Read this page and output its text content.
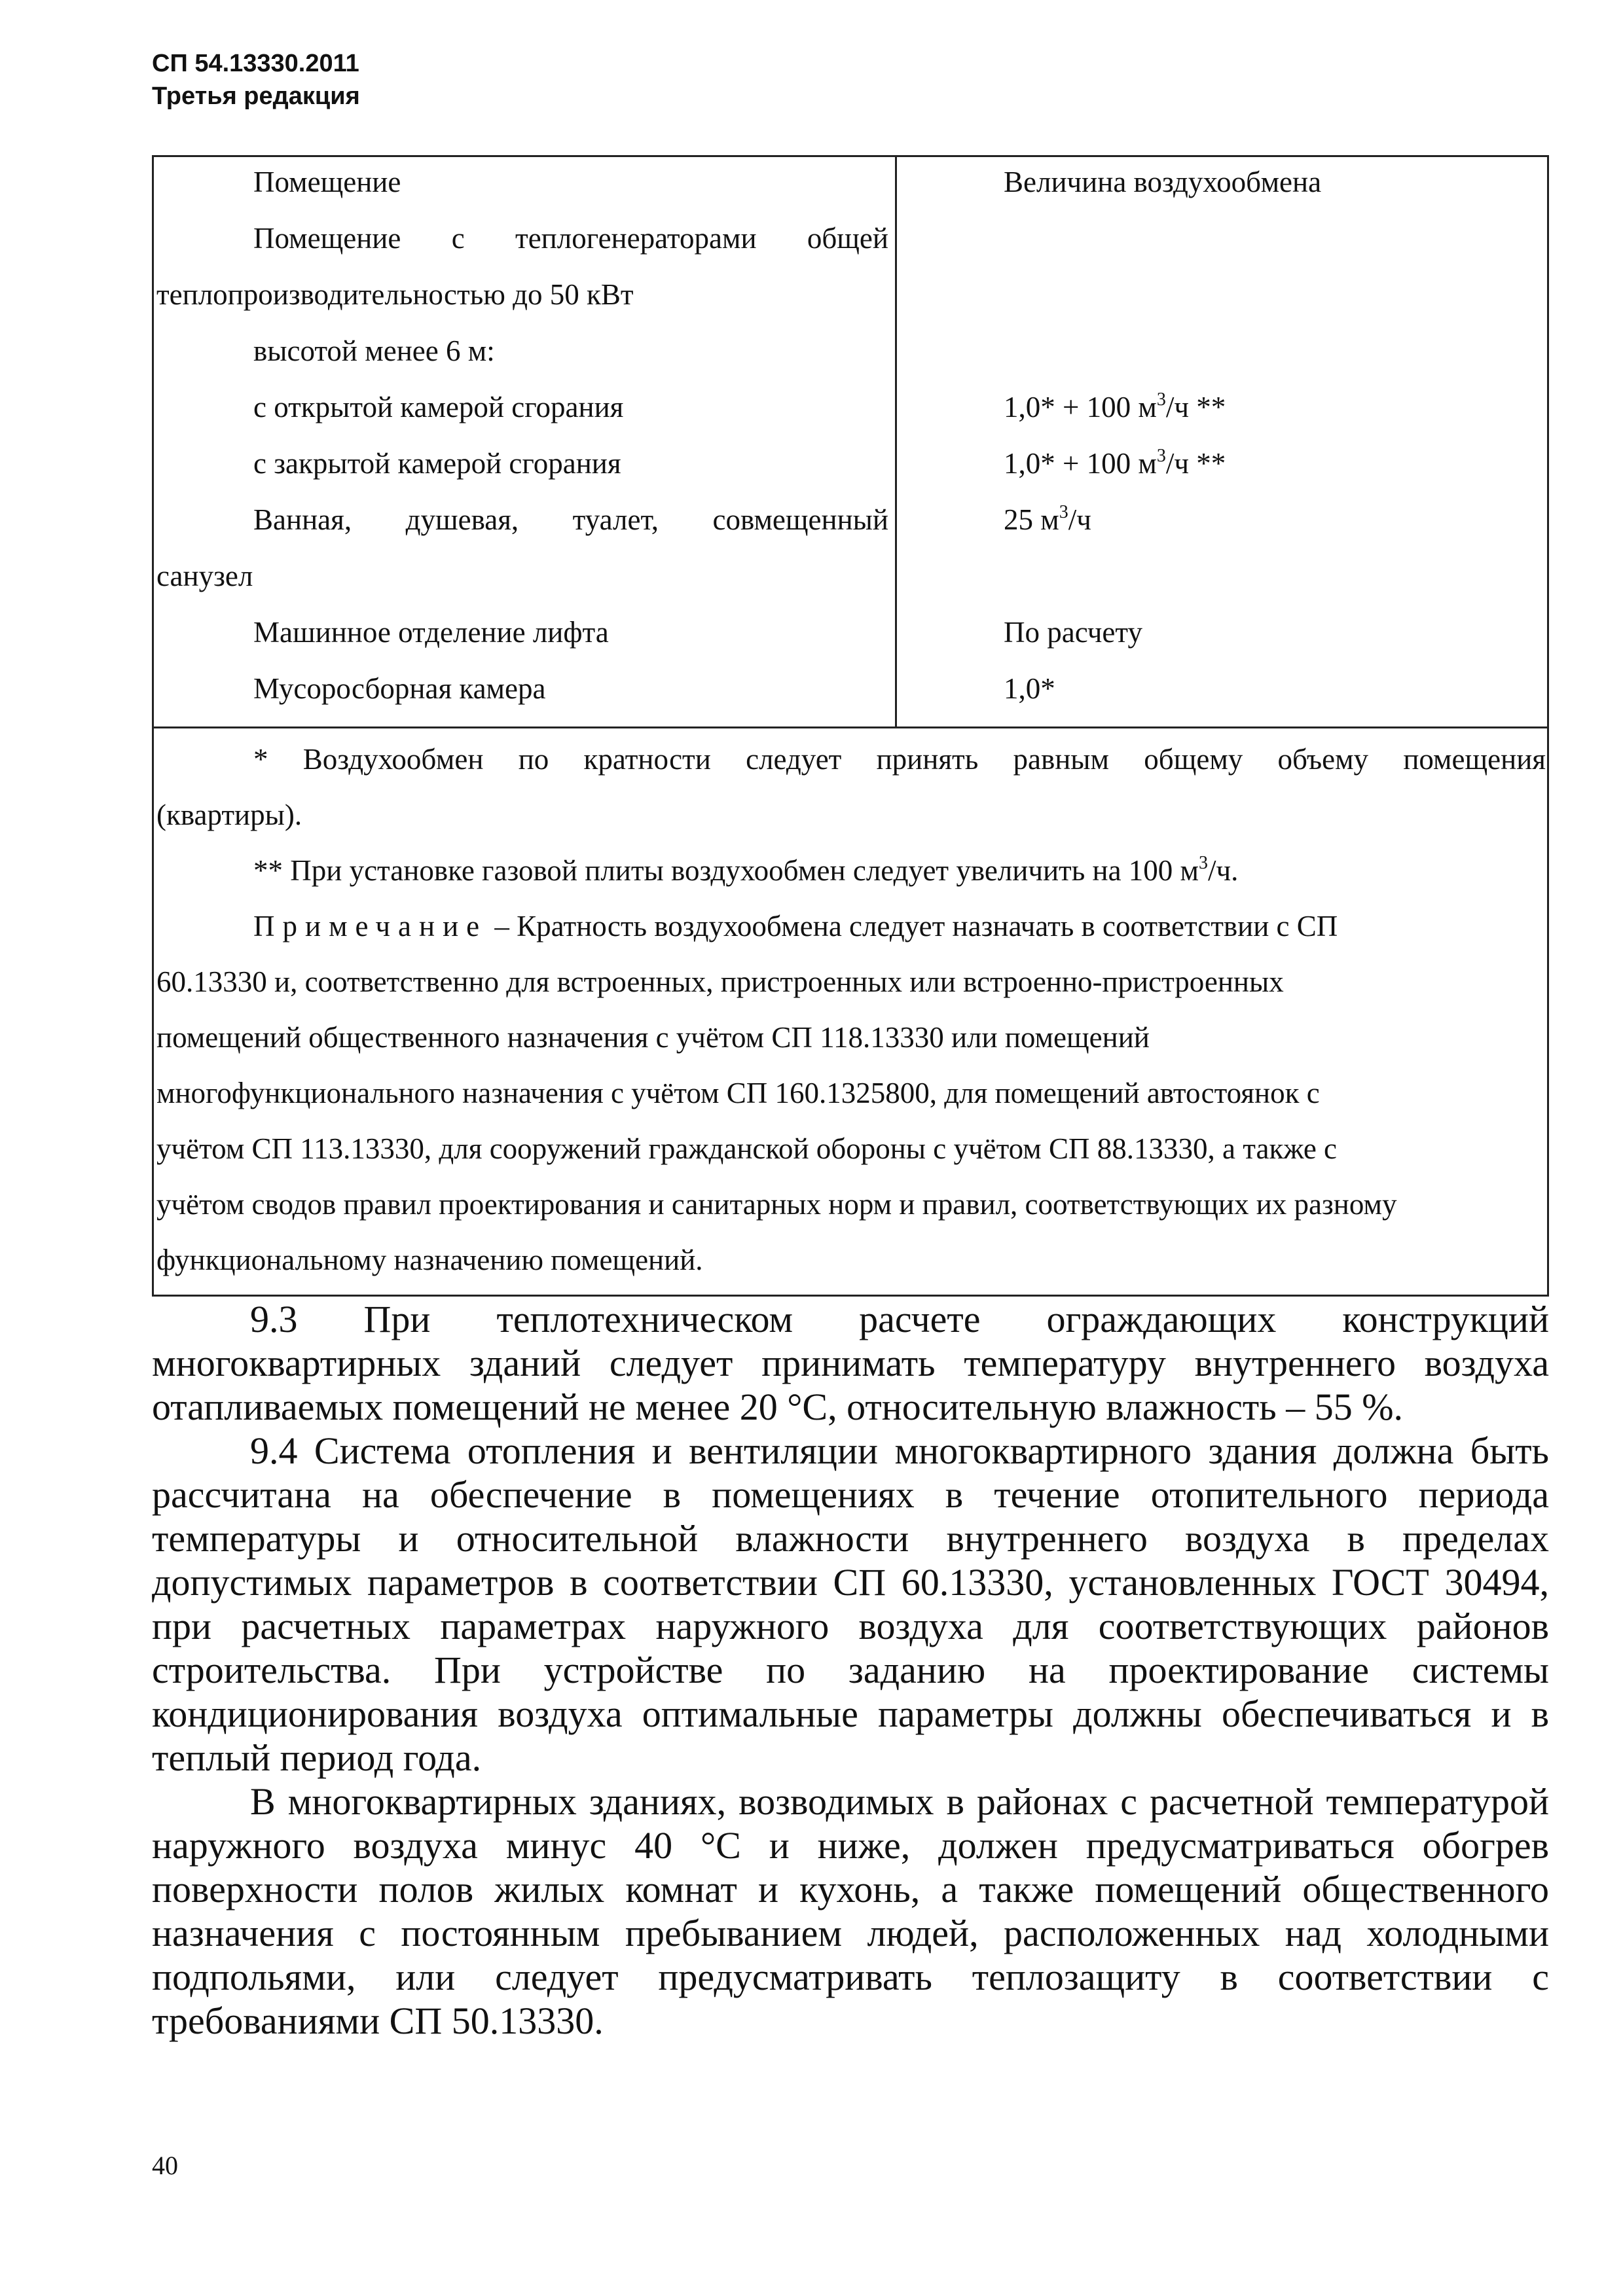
СП 54.13330.2011
Третья редакция
Помещение	Величина воздухообмена
Помещение с теплогенераторами общей
теплопроизводительностью до 50 кВт
высотой менее 6 м:
с открытой камерой сгорания	1,0* + 100 $м^3/ч$ **
с закрытой камерой сгорания	1,0* + 100 $м^3/ч$ **
Ванная, душевая, туалет, совмещенный	25 $м^3/ч$
санузел
Машинное отделение лифта	По расчету
Мусоросборная камера	1,0*
* Воздухообмен по кратности следует принять равным общему объему помещения
(квартиры).
** При установке газовой плиты воздухообмен следует увеличить на 100 $м^3/ч$.
Примечание – Кратность воздухообмена следует назначать в соответствии с СП
60.13330 и, соответственно для встроенных, пристроенных или встроенно-пристроенных
помещений общественного назначения с учётом СП 118.13330 или помещений
многофункционального назначения с учётом СП 160.1325800, для помещений автостоянок с
учётом СП 113.13330, для сооружений гражданской обороны с учётом СП 88.13330, а также с
учётом сводов правил проектирования и санитарных норм и правил, соответствующих их разному
функциональному назначению помещений.
9.3 При теплотехническом расчете ограждающих конструкций многоквартирных зданий следует принимать температуру внутреннего воздуха отапливаемых помещений не менее 20 °С, относительную влажность – 55 %.
9.4 Система отопления и вентиляции многоквартирного здания должна быть рассчитана на обеспечение в помещениях в течение отопительного периода температуры и относительной влажности внутреннего воздуха в пределах допустимых параметров в соответствии СП 60.13330, установленных ГОСТ 30494, при расчетных параметрах наружного воздуха для соответствующих районов строительства. При устройстве по заданию на проектирование системы кондиционирования воздуха оптимальные параметры должны обеспечиваться и в теплый период года.
В многоквартирных зданиях, возводимых в районах с расчетной температурой наружного воздуха минус 40 °С и ниже, должен предусматриваться обогрев поверхности полов жилых комнат и кухонь, а также помещений общественного назначения с постоянным пребыванием людей, расположенных над холодными подпольями, или следует предусматривать теплозащиту в соответствии с требованиями СП 50.13330.
40
